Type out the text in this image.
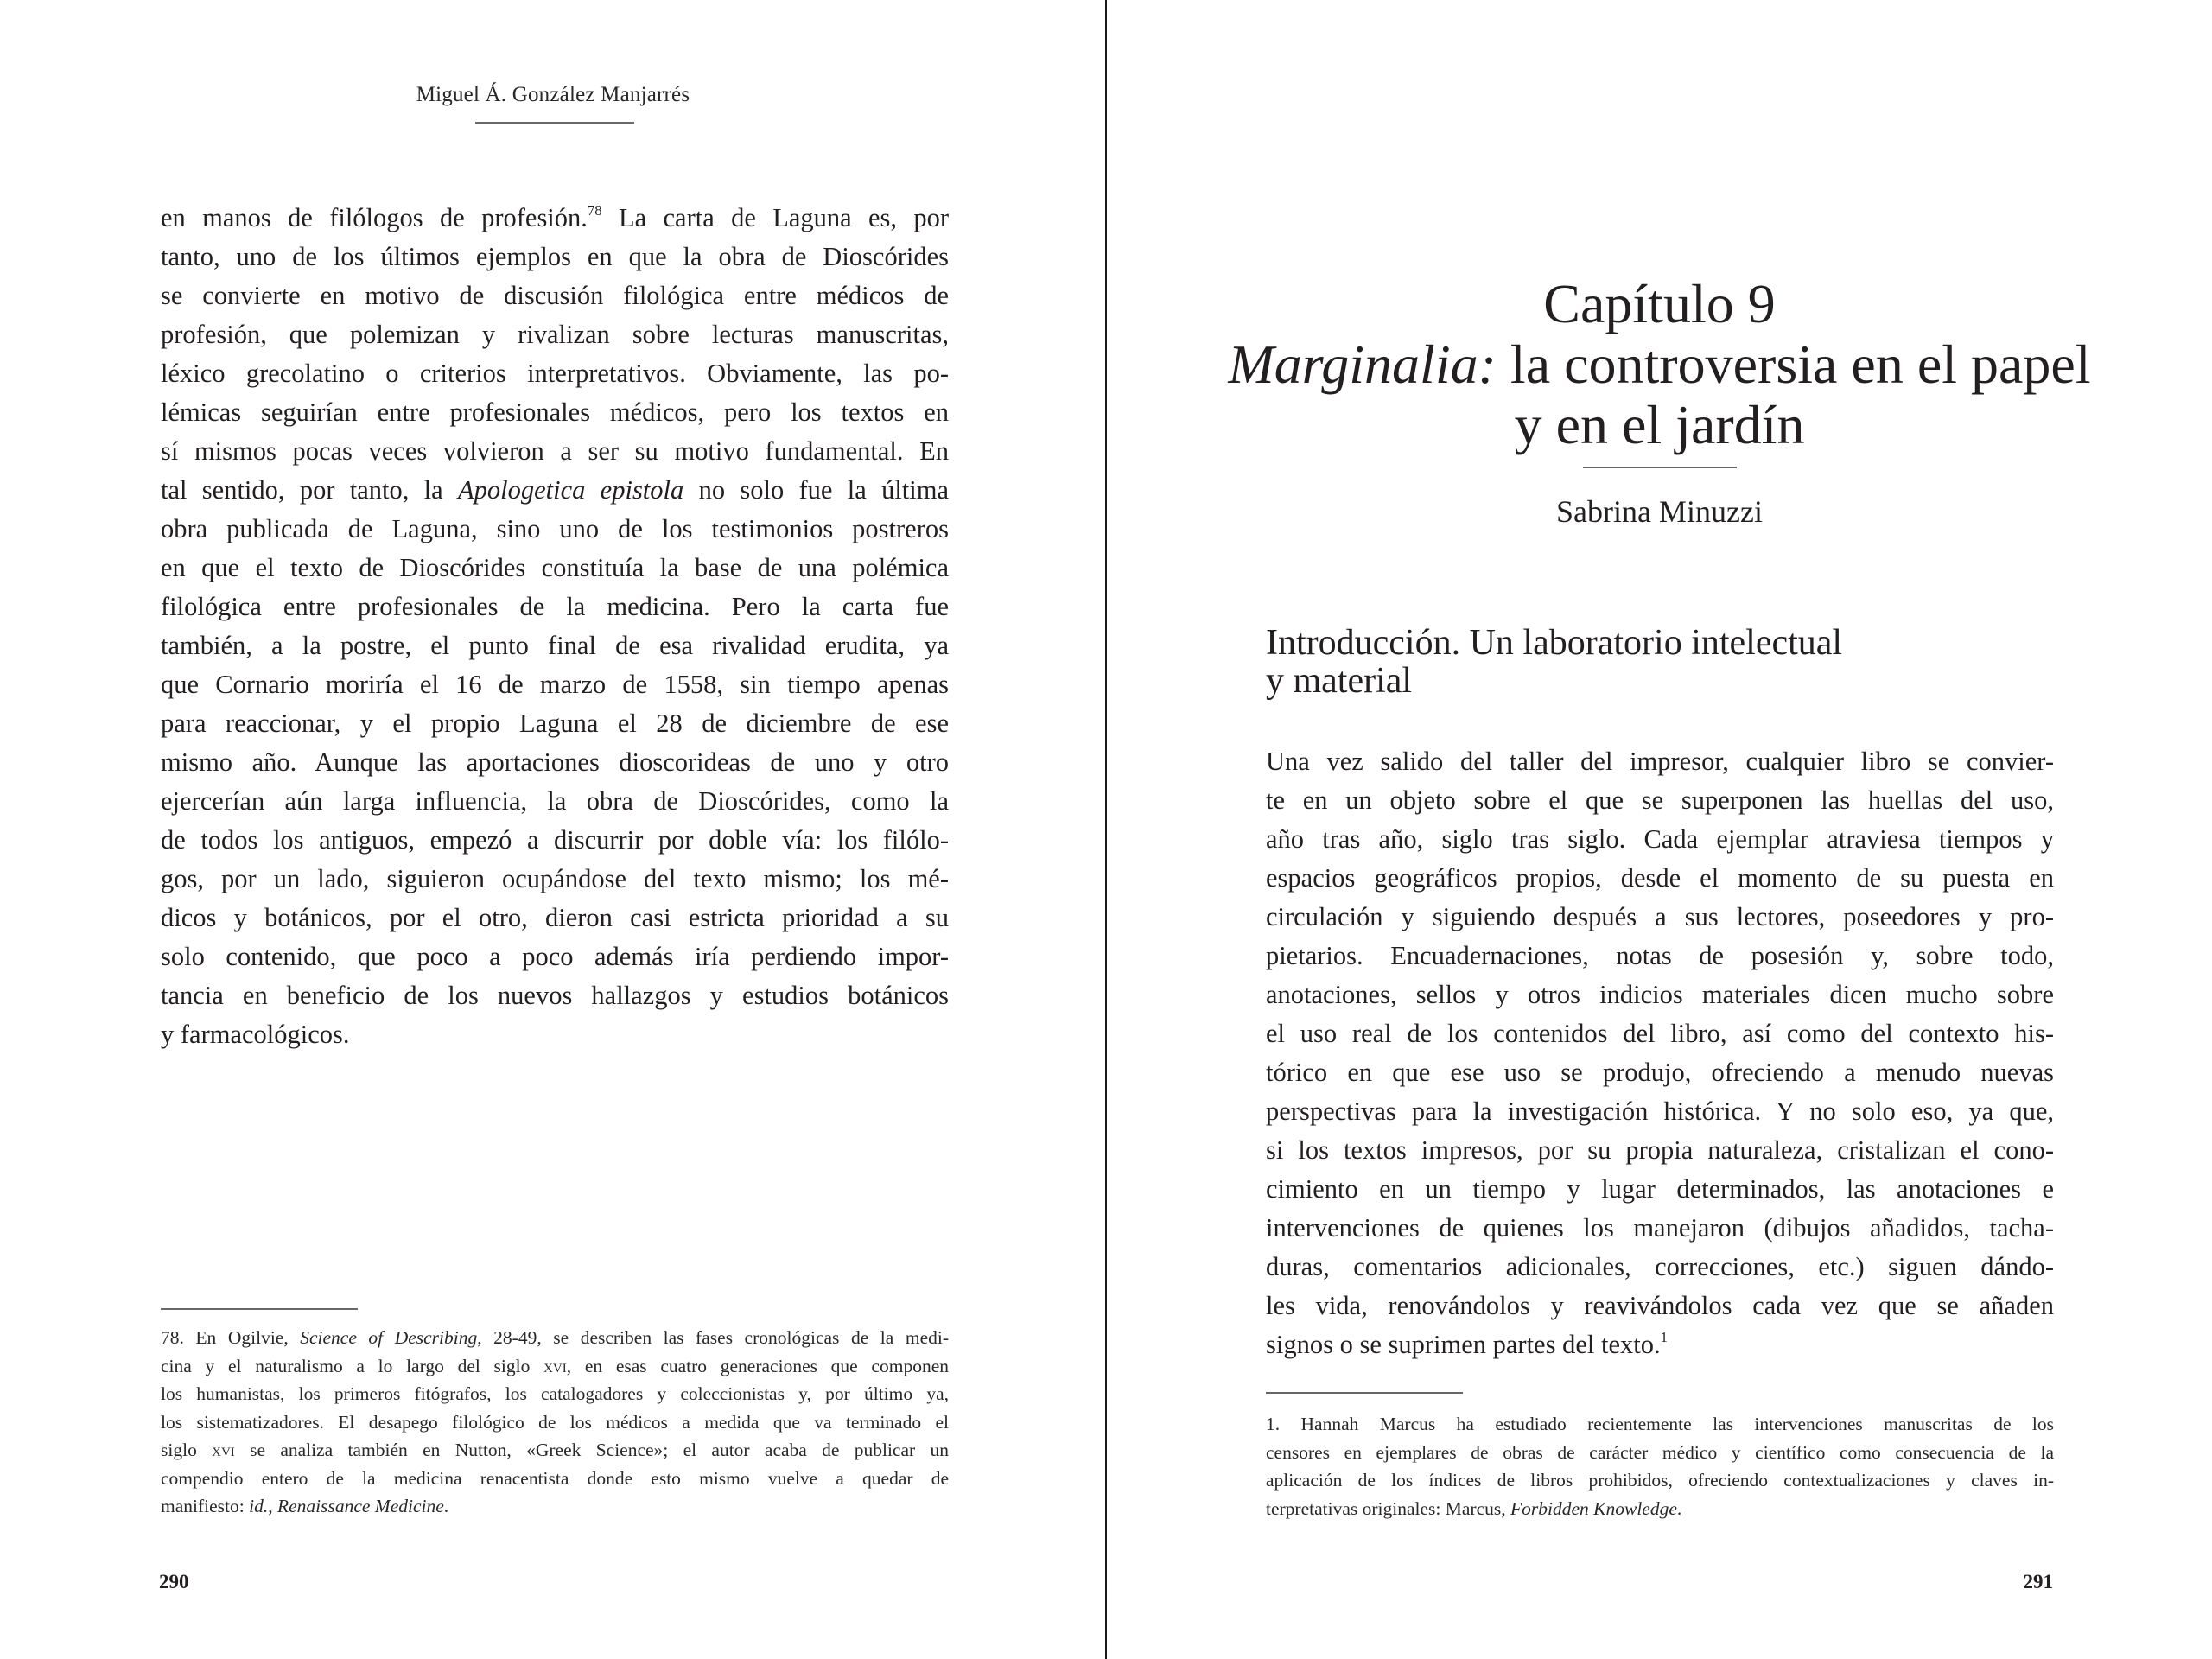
Miguel Á. González Manjarrés
en manos de filólogos de profesión.$^{78}$ La carta de Laguna es, por
tanto, uno de los últimos ejemplos en que la obra de Dioscórides
se convierte en motivo de discusión filológica entre médicos de
profesión, que polemizan y rivalizan sobre lecturas manuscritas,
léxico grecolatino o criterios interpretativos. Obviamente, las po-
lémicas seguirían entre profesionales médicos, pero los textos en
sí mismos pocas veces volvieron a ser su motivo fundamental. En
tal sentido, por tanto, la Apologetica epistola no solo fue la última
obra publicada de Laguna, sino uno de los testimonios postreros
en que el texto de Dioscórides constituía la base de una polémica
filológica entre profesionales de la medicina. Pero la carta fue
también, a la postre, el punto final de esa rivalidad erudita, ya
que Cornario moriría el 16 de marzo de 1558, sin tiempo apenas
para reaccionar, y el propio Laguna el 28 de diciembre de ese
mismo año. Aunque las aportaciones dioscorideas de uno y otro
ejercerían aún larga influencia, la obra de Dioscórides, como la
de todos los antiguos, empezó a discurrir por doble vía: los filólo-
gos, por un lado, siguieron ocupándose del texto mismo; los mé-
dicos y botánicos, por el otro, dieron casi estricta prioridad a su
solo contenido, que poco a poco además iría perdiendo impor-
tancia en beneficio de los nuevos hallazgos y estudios botánicos
y farmacológicos.
78. En Ogilvie, Science of Describing, 28-49, se describen las fases cronológicas de la medi-
cina y el naturalismo a lo largo del siglo xvi, en esas cuatro generaciones que componen
los humanistas, los primeros fitógrafos, los catalogadores y coleccionistas y, por último ya,
los sistematizadores. El desapego filológico de los médicos a medida que va terminado el
siglo xvi se analiza también en Nutton, «Greek Science»; el autor acaba de publicar un
compendio entero de la medicina renacentista donde esto mismo vuelve a quedar de
manifiesto: id., Renaissance Medicine.
290
Capítulo 9
Marginalia: la controversia en el papel
y en el jardín
Sabrina Minuzzi
Introducción. Un laboratorio intelectual
y material
Una vez salido del taller del impresor, cualquier libro se convier-
te en un objeto sobre el que se superponen las huellas del uso,
año tras año, siglo tras siglo. Cada ejemplar atraviesa tiempos y
espacios geográficos propios, desde el momento de su puesta en
circulación y siguiendo después a sus lectores, poseedores y pro-
pietarios. Encuadernaciones, notas de posesión y, sobre todo,
anotaciones, sellos y otros indicios materiales dicen mucho sobre
el uso real de los contenidos del libro, así como del contexto his-
tórico en que ese uso se produjo, ofreciendo a menudo nuevas
perspectivas para la investigación histórica. Y no solo eso, ya que,
si los textos impresos, por su propia naturaleza, cristalizan el cono-
cimiento en un tiempo y lugar determinados, las anotaciones e
intervenciones de quienes los manejaron (dibujos añadidos, tacha-
duras, comentarios adicionales, correcciones, etc.) siguen dándo-
les vida, renovándolos y reavivándolos cada vez que se añaden
signos o se suprimen partes del texto.$^1$
1. Hannah Marcus ha estudiado recientemente las intervenciones manuscritas de los
censores en ejemplares de obras de carácter médico y científico como consecuencia de la
aplicación de los índices de libros prohibidos, ofreciendo contextualizaciones y claves in-
terpretativas originales: Marcus, Forbidden Knowledge.
291
